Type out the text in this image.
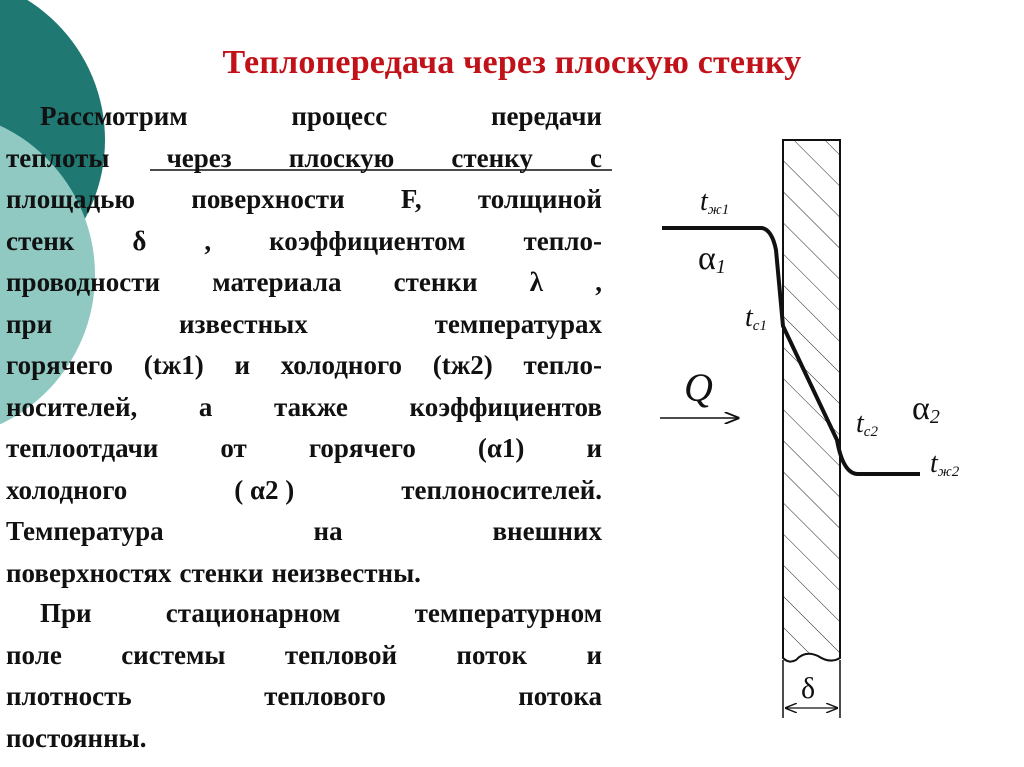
Теплопередача через плоскую стенку
Рассмотрим	процесс	передачи
теплоты через плоскую стенку с
площадью поверхности F, толщиной
стенк δ , коэффициентом тепло-
проводности материала стенки λ ,
при	известных	температурах
горячего (tж1) и холодного (tж2) тепло-
носителей, а также коэффициентов
теплоотдачи от горячего (α1) и
холодного	( α2 )	теплоносителей.
Температура	на	внешних
поверхностях стенки неизвестны.
При	стационарном	температурном
поле системы тепловой поток и
плотность	теплового	потока
постоянны.
$t_{ж1}$
$\alpha_1$
$t_{c1}$
Q
$t_{c2}$
$\alpha_2$
$t_{ж2}$
δ
